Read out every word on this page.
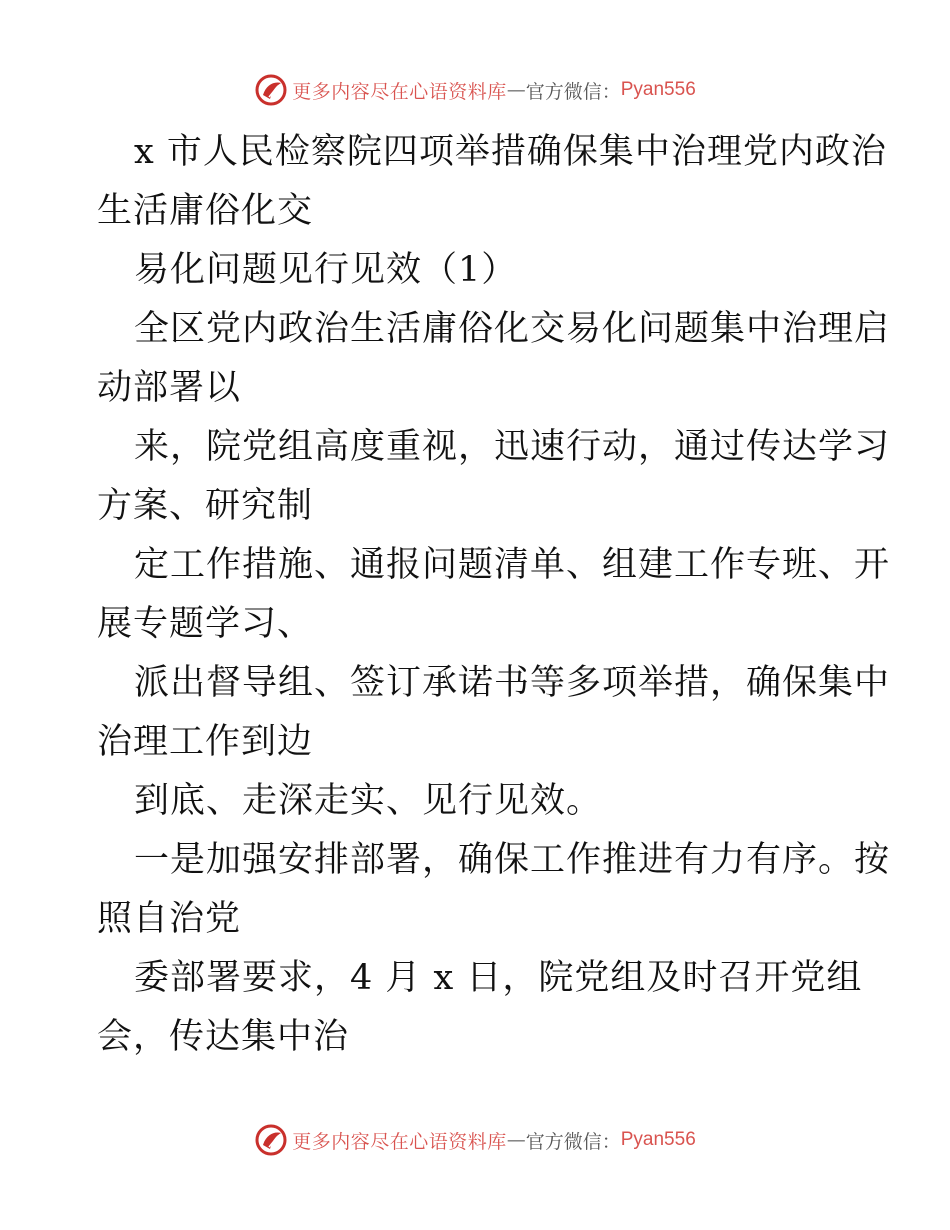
更多内容尽在心语资料库 — 官方微信： Pyan556
x 市人民检察院四项举措确保集中治理党内政治
生活庸俗化交
易化问题见行见效（1）
全区党内政治生活庸俗化交易化问题集中治理启
动部署以
来，院党组高度重视，迅速行动，通过传达学习
方案、研究制
定工作措施、通报问题清单、组建工作专班、开
展专题学习、
派出督导组、签订承诺书等多项举措，确保集中
治理工作到边
到底、走深走实、见行见效。
一是加强安排部署，确保工作推进有力有序。按
照自治党
委部署要求，4 月 x 日，院党组及时召开党组
会，传达集中治
更多内容尽在心语资料库 — 官方微信： Pyan556
